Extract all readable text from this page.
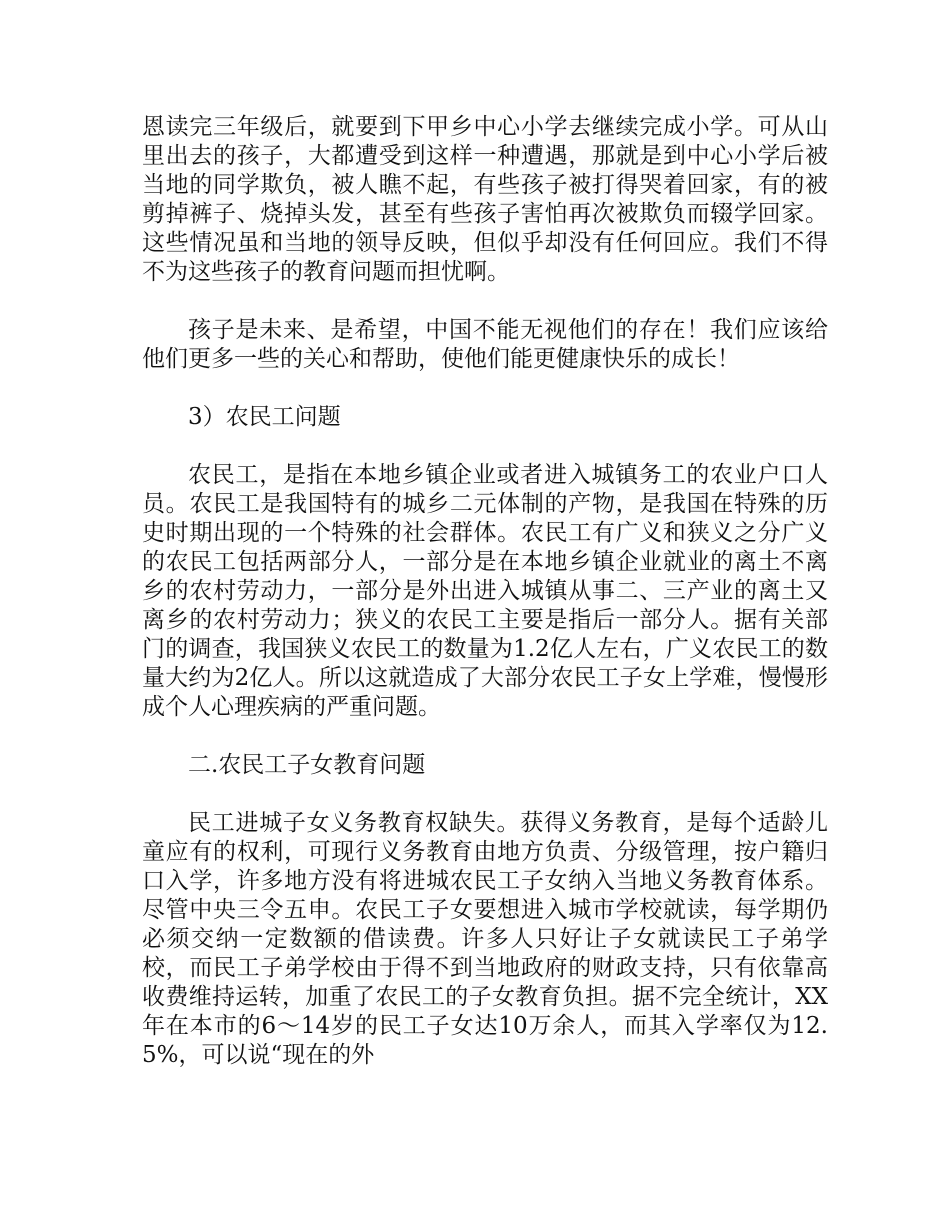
恩读完三年级后，就要到下甲乡中心小学去继续完成小学。可从山里出去的孩子，大都遭受到这样一种遭遇，那就是到中心小学后被当地的同学欺负，被人瞧不起，有些孩子被打得哭着回家，有的被剪掉裤子、烧掉头发，甚至有些孩子害怕再次被欺负而辍学回家。这些情况虽和当地的领导反映，但似乎却没有任何回应。我们不得不为这些孩子的教育问题而担忧啊。

孩子是未来、是希望，中国不能无视他们的存在！我们应该给他们更多一些的关心和帮助，使他们能更健康快乐的成长！

3）农民工问题

农民工，是指在本地乡镇企业或者进入城镇务工的农业户口人员。农民工是我国特有的城乡二元体制的产物，是我国在特殊的历史时期出现的一个特殊的社会群体。农民工有广义和狭义之分广义的农民工包括两部分人，一部分是在本地乡镇企业就业的离土不离乡的农村劳动力，一部分是外出进入城镇从事二、三产业的离土又离乡的农村劳动力；狭义的农民工主要是指后一部分人。据有关部门的调查，我国狭义农民工的数量为1.2亿人左右，广义农民工的数量大约为2亿人。所以这就造成了大部分农民工子女上学难，慢慢形成个人心理疾病的严重问题。

二.农民工子女教育问题

民工进城子女义务教育权缺失。获得义务教育，是每个适龄儿童应有的权利，可现行义务教育由地方负责、分级管理，按户籍归口入学，许多地方没有将进城农民工子女纳入当地义务教育体系。尽管中央三令五申。农民工子女要想进入城市学校就读，每学期仍必须交纳一定数额的借读费。许多人只好让子女就读民工子弟学校，而民工子弟学校由于得不到当地政府的财政支持，只有依靠高收费维持运转，加重了农民工的子女教育负担。据不完全统计，XX年在本市的6～14岁的民工子女达10万余人，而其入学率仅为12.5%，可以说“现在的外
